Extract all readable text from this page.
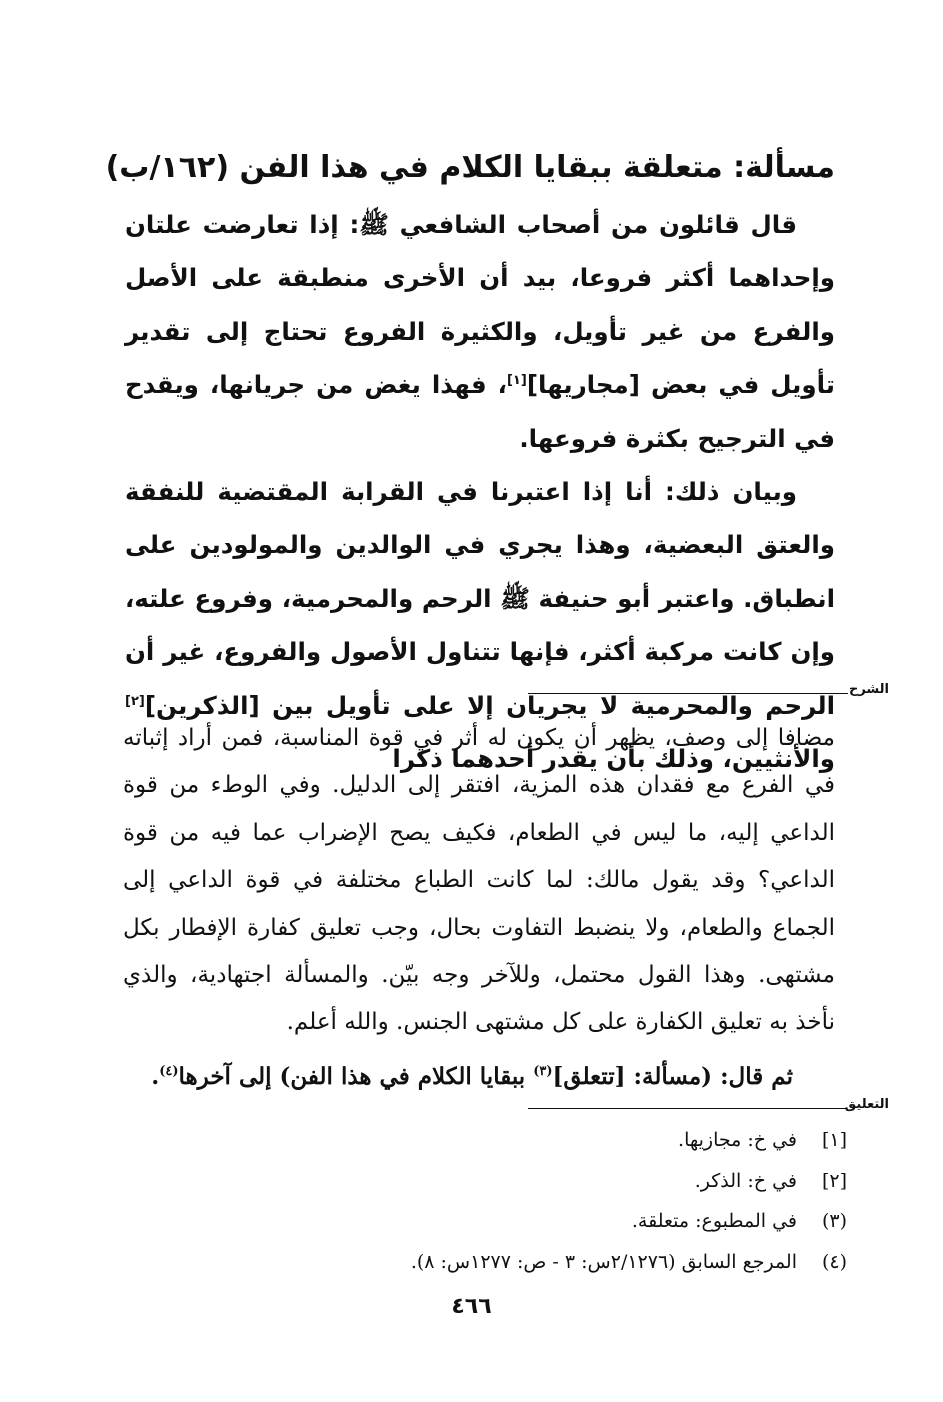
مسألة: متعلقة ببقايا الكلام في هذا الفن (١٦٢/ب)

قال قائلون من أصحاب الشافعي ﷺ: إذا تعارضت علتان وإحداهما أكثر فروعا، بيد أن الأخرى منطبقة على الأصل والفرع من غير تأويل، والكثيرة الفروع تحتاج إلى تقدير تأويل في بعض [مجاريها][١]، فهذا يغض من جريانها، ويقدح في الترجيح بكثرة فروعها.

وبيان ذلك: أنا إذا اعتبرنا في القرابة المقتضية للنفقة والعتق البعضية، وهذا يجري في الوالدين والمولودين على انطباق. واعتبر أبو حنيفة ﷺ الرحم والمحرمية، وفروع علته، وإن كانت مركبة أكثر، فإنها تتناول الأصول والفروع، غير أن الرحم والمحرمية لا يجريان إلا على تأويل بين [الذكرين][٢] والأنثيين، وذلك بأن يقدر أحدهما ذكرا

الشرح

مضافا إلى وصف، يظهر أن يكون له أثر في قوة المناسبة، فمن أراد إثباته في الفرع مع فقدان هذه المزية، افتقر إلى الدليل. وفي الوطء من قوة الداعي إليه، ما ليس في الطعام، فكيف يصح الإضراب عما فيه من قوة الداعي؟ وقد يقول مالك: لما كانت الطباع مختلفة في قوة الداعي إلى الجماع والطعام، ولا ينضبط التفاوت بحال، وجب تعليق كفارة الإفطار بكل مشتهى. وهذا القول محتمل، وللآخر وجه بيّن. والمسألة اجتهادية، والذي نأخذ به تعليق الكفارة على كل مشتهى الجنس. والله أعلم.

ثم قال: (مسألة: [تتعلق]$^{(٣)}$ ببقايا الكلام في هذا الفن) إلى آخرها$^{(٤)}$.

التعليق
[١]
في خ: مجازيها.
[٢]
في خ: الذكر.
(٣)
في المطبوع: متعلقة.
(٤)
المرجع السابق (٢/١٢٧٦س: ٣ - ص: ١٢٧٧س: ٨).
٤٦٦
